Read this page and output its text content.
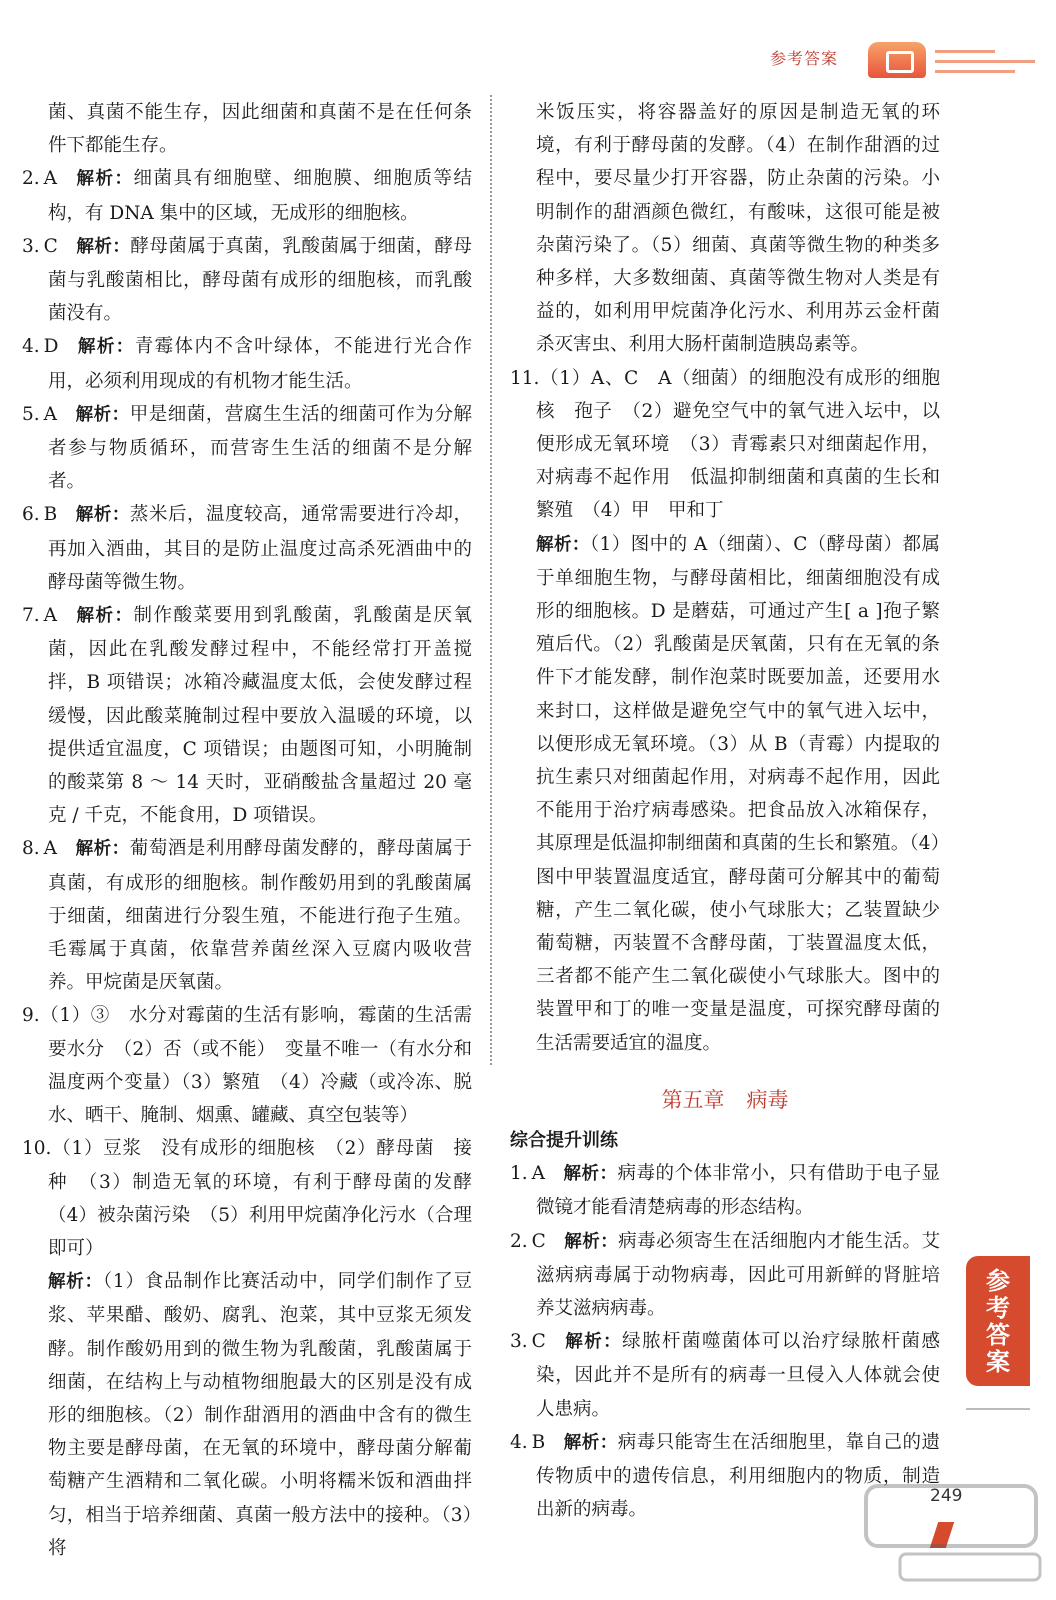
参考答案

菌、真菌不能生存，因此细菌和真菌不是在任何条件下都能生存。

2. A 解析：细菌具有细胞壁、细胞膜、细胞质等结构，有 DNA 集中的区域，无成形的细胞核。

3. C 解析：酵母菌属于真菌，乳酸菌属于细菌，酵母菌与乳酸菌相比，酵母菌有成形的细胞核，而乳酸菌没有。

4. D 解析：青霉体内不含叶绿体，不能进行光合作用，必须利用现成的有机物才能生活。

5. A 解析：甲是细菌，营腐生生活的细菌可作为分解者参与物质循环，而营寄生生活的细菌不是分解者。

6. B 解析：蒸米后，温度较高，通常需要进行冷却，再加入酒曲，其目的是防止温度过高杀死酒曲中的酵母菌等微生物。

7. A 解析：制作酸菜要用到乳酸菌，乳酸菌是厌氧菌，因此在乳酸发酵过程中，不能经常打开盖搅拌，B 项错误；冰箱冷藏温度太低，会使发酵过程缓慢，因此酸菜腌制过程中要放入温暖的环境，以提供适宜温度，C 项错误；由题图可知，小明腌制的酸菜第 8 ～ 14 天时，亚硝酸盐含量超过 20 毫克 / 千克，不能食用，D 项错误。

8. A 解析：葡萄酒是利用酵母菌发酵的，酵母菌属于真菌，有成形的细胞核。制作酸奶用到的乳酸菌属于细菌，细菌进行分裂生殖，不能进行孢子生殖。毛霉属于真菌，依靠营养菌丝深入豆腐内吸收营养。甲烷菌是厌氧菌。

9.（1）③　水分对霉菌的生活有影响，霉菌的生活需要水分　（2）否（或不能）　变量不唯一（有水分和温度两个变量）（3）繁殖　（4）冷藏（或冷冻、脱水、晒干、腌制、烟熏、罐藏、真空包装等）

10.（1）豆浆　没有成形的细胞核　（2）酵母菌　接种　（3）制造无氧的环境，有利于酵母菌的发酵　（4）被杂菌污染　（5）利用甲烷菌净化污水（合理即可）

解析：（1）食品制作比赛活动中，同学们制作了豆浆、苹果醋、酸奶、腐乳、泡菜，其中豆浆无须发酵。制作酸奶用到的微生物为乳酸菌，乳酸菌属于细菌，在结构上与动植物细胞最大的区别是没有成形的细胞核。（2）制作甜酒用的酒曲中含有的微生物主要是酵母菌，在无氧的环境中，酵母菌分解葡萄糖产生酒精和二氧化碳。小明将糯米饭和酒曲拌匀，相当于培养细菌、真菌一般方法中的接种。（3）将

米饭压实，将容器盖好的原因是制造无氧的环境，有利于酵母菌的发酵。（4）在制作甜酒的过程中，要尽量少打开容器，防止杂菌的污染。小明制作的甜酒颜色微红，有酸味，这很可能是被杂菌污染了。（5）细菌、真菌等微生物的种类多种多样，大多数细菌、真菌等微生物对人类是有益的，如利用甲烷菌净化污水、利用苏云金杆菌杀灭害虫、利用大肠杆菌制造胰岛素等。

11.（1）A、C　A（细菌）的细胞没有成形的细胞核　孢子　（2）避免空气中的氧气进入坛中，以便形成无氧环境　（3）青霉素只对细菌起作用，对病毒不起作用　低温抑制细菌和真菌的生长和繁殖　（4）甲　甲和丁

解析：（1）图中的 A（细菌）、C（酵母菌）都属于单细胞生物，与酵母菌相比，细菌细胞没有成形的细胞核。D 是蘑菇，可通过产生[ a ]孢子繁殖后代。（2）乳酸菌是厌氧菌，只有在无氧的条件下才能发酵，制作泡菜时既要加盖，还要用水来封口，这样做是避免空气中的氧气进入坛中，以便形成无氧环境。（3）从 B（青霉）内提取的抗生素只对细菌起作用，对病毒不起作用，因此不能用于治疗病毒感染。把食品放入冰箱保存，其原理是低温抑制细菌和真菌的生长和繁殖。（4）图中甲装置温度适宜，酵母菌可分解其中的葡萄糖，产生二氧化碳，使小气球胀大；乙装置缺少葡萄糖，丙装置不含酵母菌，丁装置温度太低，三者都不能产生二氧化碳使小气球胀大。图中的装置甲和丁的唯一变量是温度，可探究酵母菌的生活需要适宜的温度。

第五章 病毒
综合提升训练

1. A 解析：病毒的个体非常小，只有借助于电子显微镜才能看清楚病毒的形态结构。

2. C 解析：病毒必须寄生在活细胞内才能生活。艾滋病病毒属于动物病毒，因此可用新鲜的肾脏培养艾滋病病毒。

3. C 解析：绿脓杆菌噬菌体可以治疗绿脓杆菌感染，因此并不是所有的病毒一旦侵入人体就会使人患病。

4. B 解析：病毒只能寄生在活细胞里，靠自己的遗传物质中的遗传信息，利用细胞内的物质，制造出新的病毒。

参考答案
249
